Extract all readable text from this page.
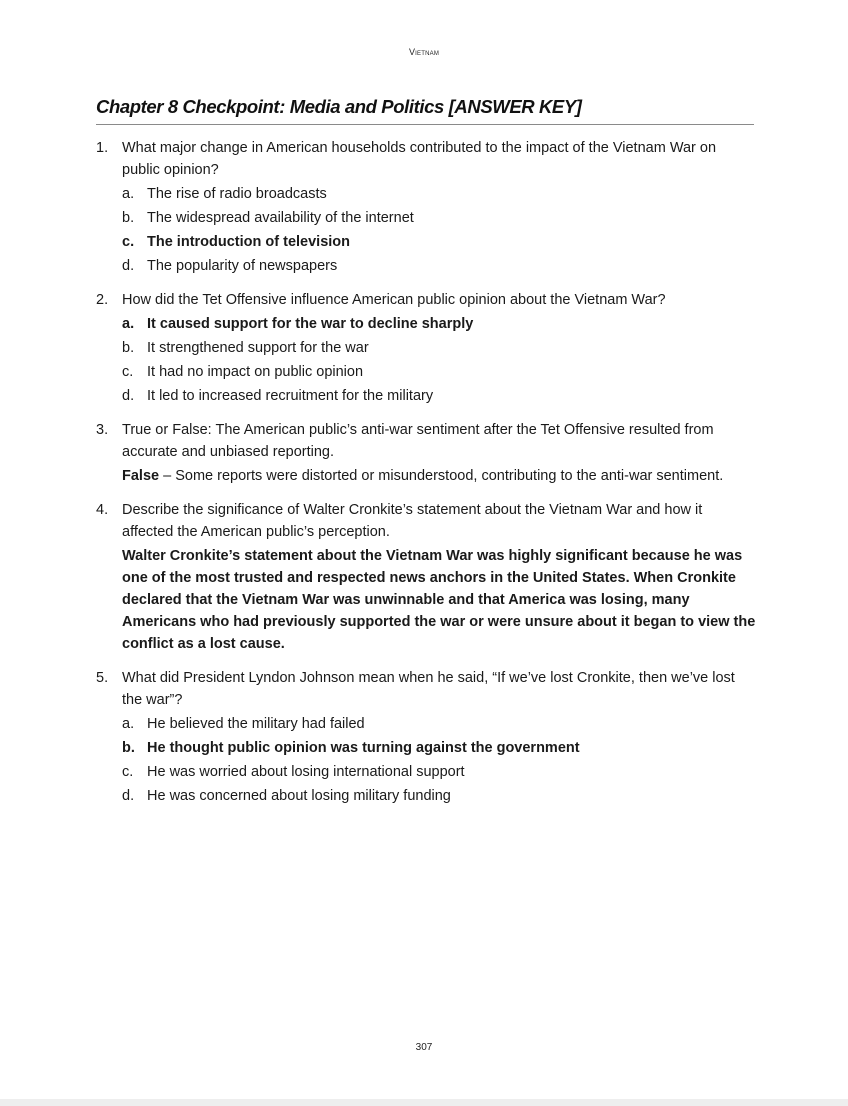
Vietnam
Chapter 8 Checkpoint: Media and Politics [ANSWER KEY]
1. What major change in American households contributed to the impact of the Vietnam War on public opinion?
a. The rise of radio broadcasts
b. The widespread availability of the internet
c. The introduction of television
d. The popularity of newspapers
2. How did the Tet Offensive influence American public opinion about the Vietnam War?
a. It caused support for the war to decline sharply
b. It strengthened support for the war
c. It had no impact on public opinion
d. It led to increased recruitment for the military
3. True or False: The American public’s anti-war sentiment after the Tet Offensive resulted from accurate and unbiased reporting.
False – Some reports were distorted or misunderstood, contributing to the anti-war sentiment.
4. Describe the significance of Walter Cronkite’s statement about the Vietnam War and how it affected the American public’s perception.
Walter Cronkite’s statement about the Vietnam War was highly significant because he was one of the most trusted and respected news anchors in the United States. When Cronkite declared that the Vietnam War was unwinnable and that America was losing, many Americans who had previously supported the war or were unsure about it began to view the conflict as a lost cause.
5. What did President Lyndon Johnson mean when he said, “If we’ve lost Cronkite, then we’ve lost the war”?
a. He believed the military had failed
b. He thought public opinion was turning against the government
c. He was worried about losing international support
d. He was concerned about losing military funding
307
